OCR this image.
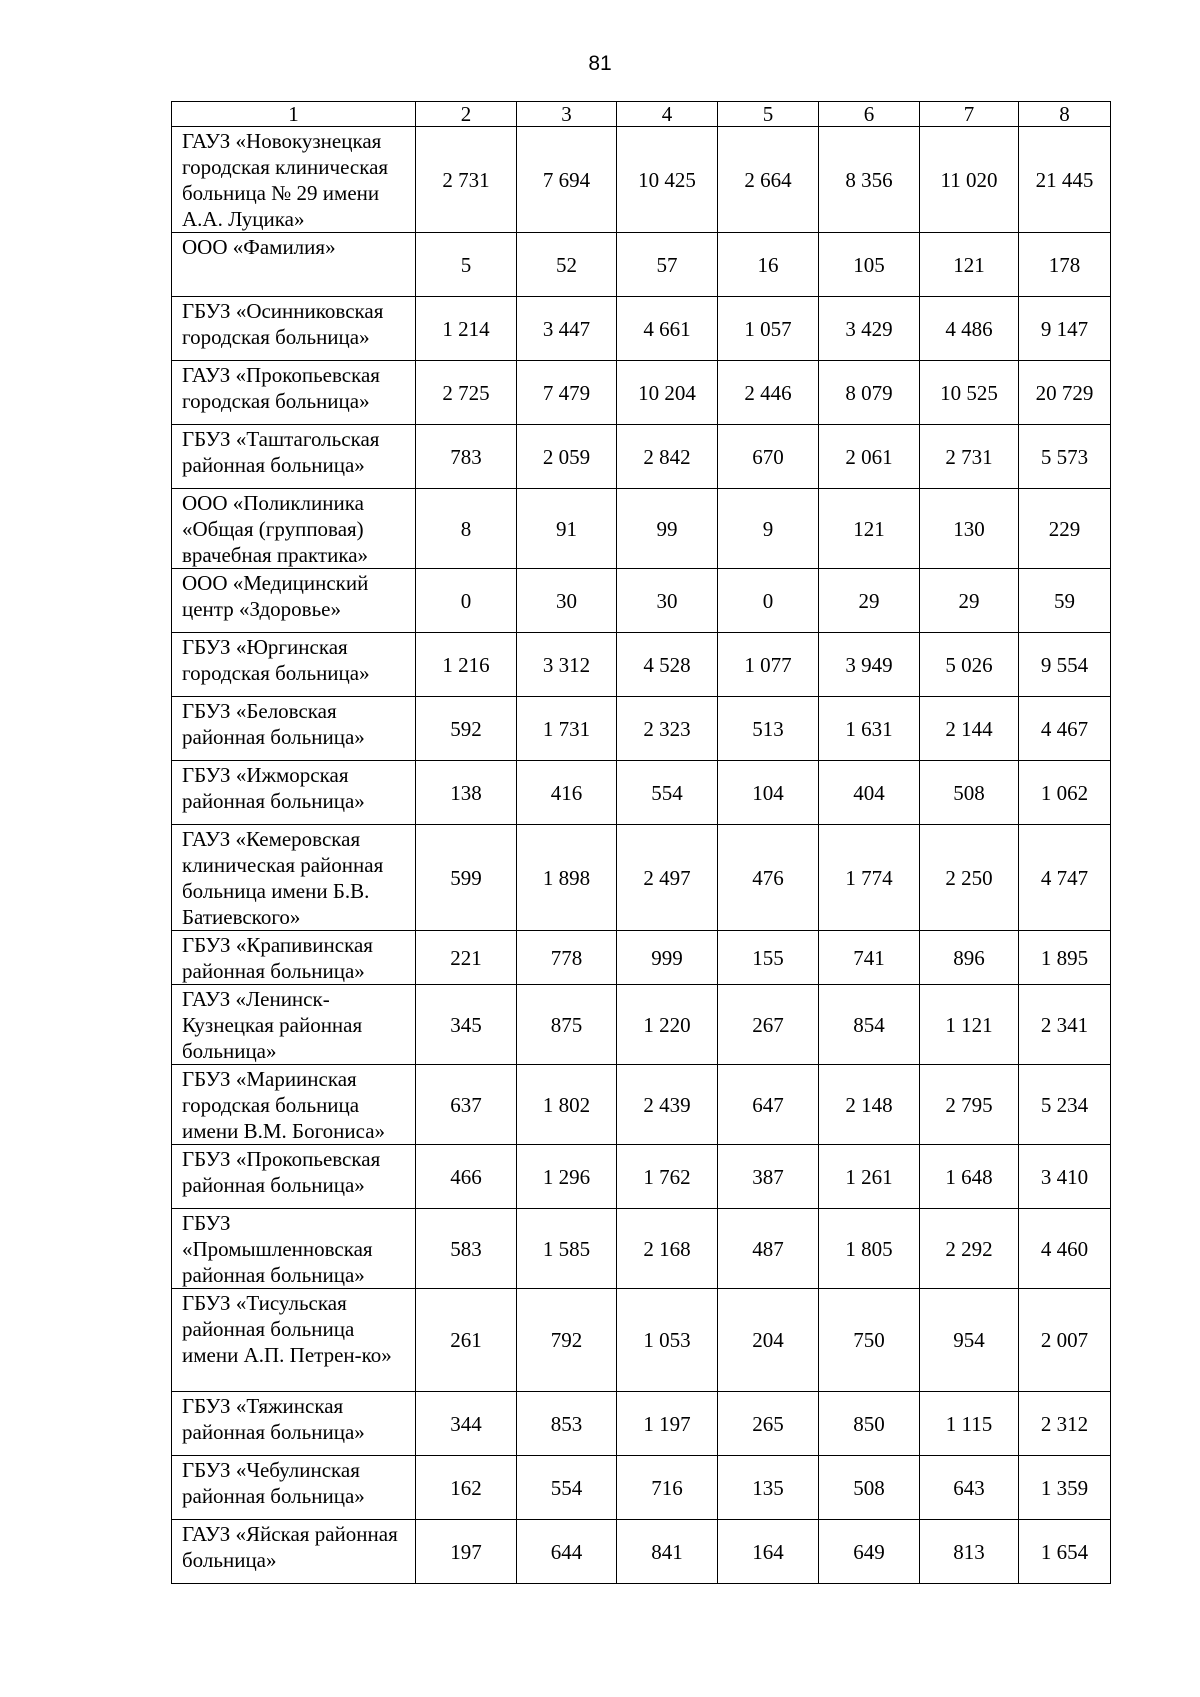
81
1	2	3	4	5	6	7	8
ГАУЗ «Новокузнецкая городская клиническая больница № 29 имени А.А. Луцика»	2 731	7 694	10 425	2 664	8 356	11 020	21 445
ООО «Фамилия»	5	52	57	16	105	121	178
ГБУЗ «Осинниковская городская больница»	1 214	3 447	4 661	1 057	3 429	4 486	9 147
ГАУЗ «Прокопьевская городская больница»	2 725	7 479	10 204	2 446	8 079	10 525	20 729
ГБУЗ «Таштагольская районная больница»	783	2 059	2 842	670	2 061	2 731	5 573
ООО «Поликлиника «Общая (групповая) врачебная практика»	8	91	99	9	121	130	229
ООО «Медицинский центр «Здоровье»	0	30	30	0	29	29	59
ГБУЗ «Юргинская городская больница»	1 216	3 312	4 528	1 077	3 949	5 026	9 554
ГБУЗ «Беловская районная больница»	592	1 731	2 323	513	1 631	2 144	4 467
ГБУЗ «Ижморская районная больница»	138	416	554	104	404	508	1 062
ГАУЗ «Кемеровская клиническая районная больница имени Б.В. Батиевского»	599	1 898	2 497	476	1 774	2 250	4 747
ГБУЗ «Крапивинская районная больница»	221	778	999	155	741	896	1 895
ГАУЗ «Ленинск-Кузнецкая районная больница»	345	875	1 220	267	854	1 121	2 341
ГБУЗ «Мариинская городская больница имени В.М. Богониса»	637	1 802	2 439	647	2 148	2 795	5 234
ГБУЗ «Прокопьевская районная больница»	466	1 296	1 762	387	1 261	1 648	3 410
ГБУЗ «Промышленновская районная больница»	583	1 585	2 168	487	1 805	2 292	4 460
ГБУЗ «Тисульская районная больница имени А.П. Петрен-ко»	261	792	1 053	204	750	954	2 007
ГБУЗ «Тяжинская районная больница»	344	853	1 197	265	850	1 115	2 312
ГБУЗ «Чебулинская районная больница»	162	554	716	135	508	643	1 359
ГАУЗ «Яйская районная больница»	197	644	841	164	649	813	1 654
